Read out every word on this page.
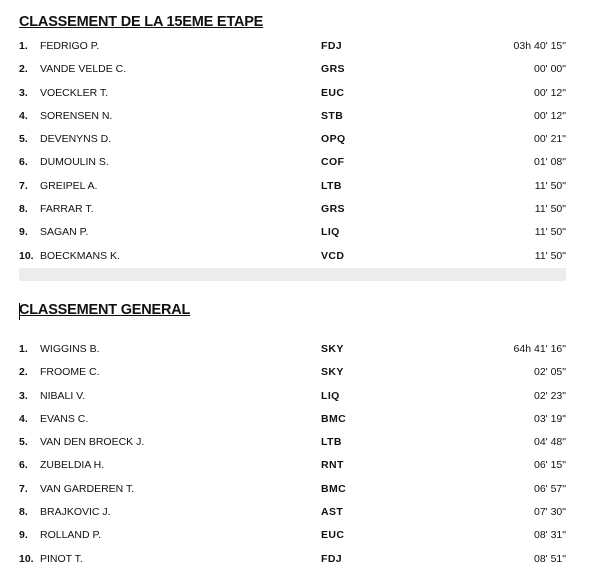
CLASSEMENT DE LA 15EME ETAPE
1.	FEDRIGO P.	FDJ	03h 40' 15"
2.	VANDE VELDE C.	GRS	00' 00"
3.	VOECKLER T.	EUC	00' 12"
4.	SORENSEN N.	STB	00' 12"
5.	DEVENYNS D.	OPQ	00' 21"
6.	DUMOULIN S.	COF	01' 08"
7.	GREIPEL A.	LTB	11' 50"
8.	FARRAR T.	GRS	11' 50"
9.	SAGAN P.	LIQ	11' 50"
10. BOECKMANS K.	VCD	11' 50"
CLASSEMENT GENERAL
1.	WIGGINS B.	SKY	64h 41' 16"
2.	FROOME C.	SKY	02' 05"
3.	NIBALI V.	LIQ	02' 23"
4.	EVANS C.	BMC	03' 19"
5.	VAN DEN BROECK J.	LTB	04' 48"
6.	ZUBELDIA H.	RNT	06' 15"
7.	VAN GARDEREN T.	BMC	06' 57"
8.	BRAJKOVIC J.	AST	07' 30"
9.	ROLLAND P.	EUC	08' 31"
10. PINOT T.	FDJ	08' 51"
